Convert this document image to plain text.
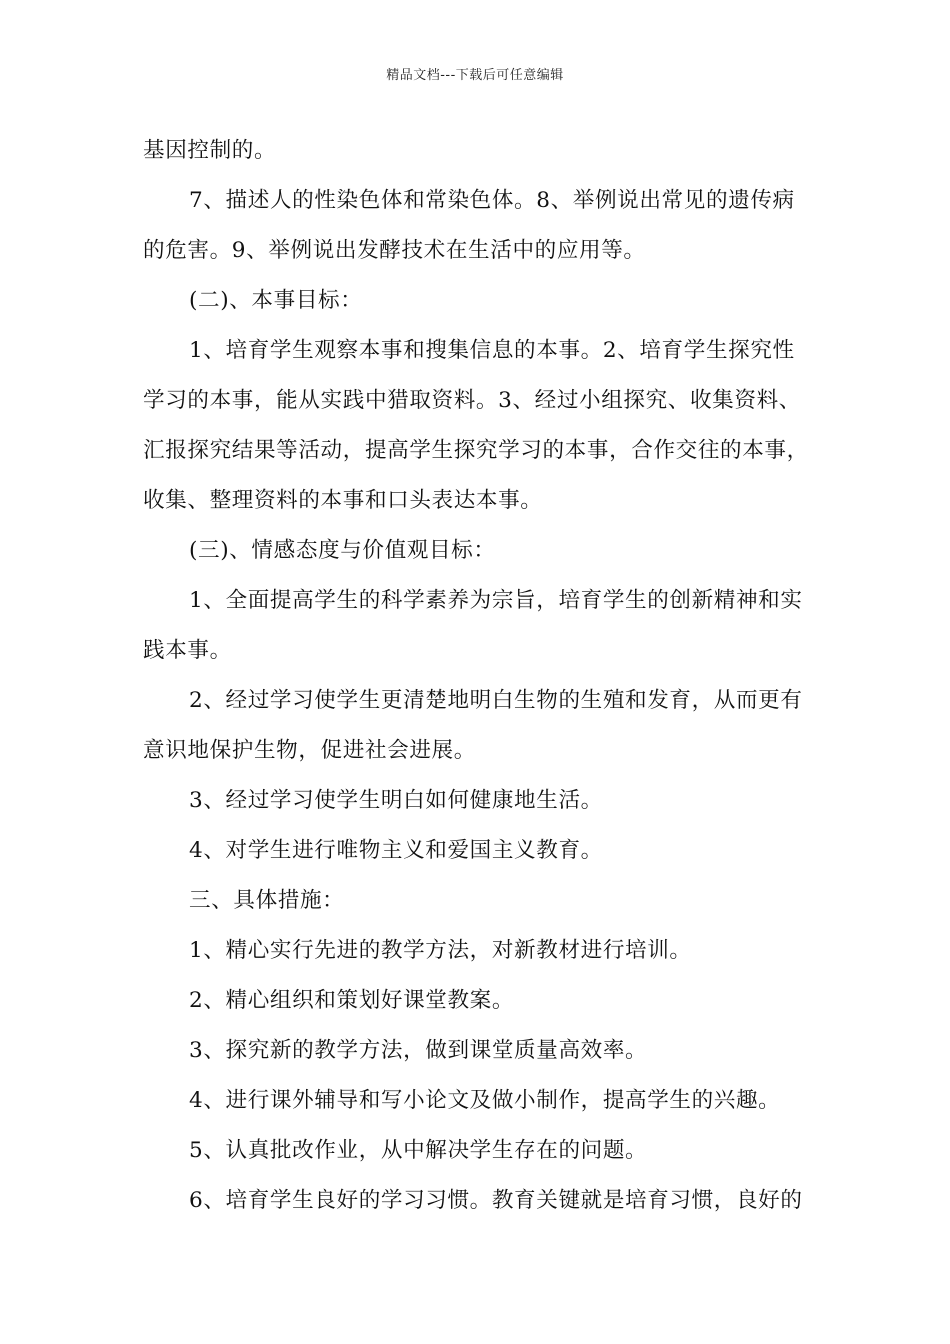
精品文档---下载后可任意编辑
基因控制的。
7、描述人的性染色体和常染色体。8、举例说出常见的遗传病
的危害。9、举例说出发酵技术在生活中的应用等。
(二)、本事目标：
1、培育学生观察本事和搜集信息的本事。2、培育学生探究性
学习的本事，能从实践中猎取资料。3、经过小组探究、收集资料、
汇报探究结果等活动，提高学生探究学习的本事，合作交往的本事，
收集、整理资料的本事和口头表达本事。
(三)、情感态度与价值观目标：
1、全面提高学生的科学素养为宗旨，培育学生的创新精神和实
践本事。
2、经过学习使学生更清楚地明白生物的生殖和发育，从而更有
意识地保护生物，促进社会进展。
3、经过学习使学生明白如何健康地生活。
4、对学生进行唯物主义和爱国主义教育。
三、具体措施：
1、精心实行先进的教学方法，对新教材进行培训。
2、精心组织和策划好课堂教案。
3、探究新的教学方法，做到课堂质量高效率。
4、进行课外辅导和写小论文及做小制作，提高学生的兴趣。
5、认真批改作业，从中解决学生存在的问题。
6、培育学生良好的学习习惯。教育关键就是培育习惯，良好的
